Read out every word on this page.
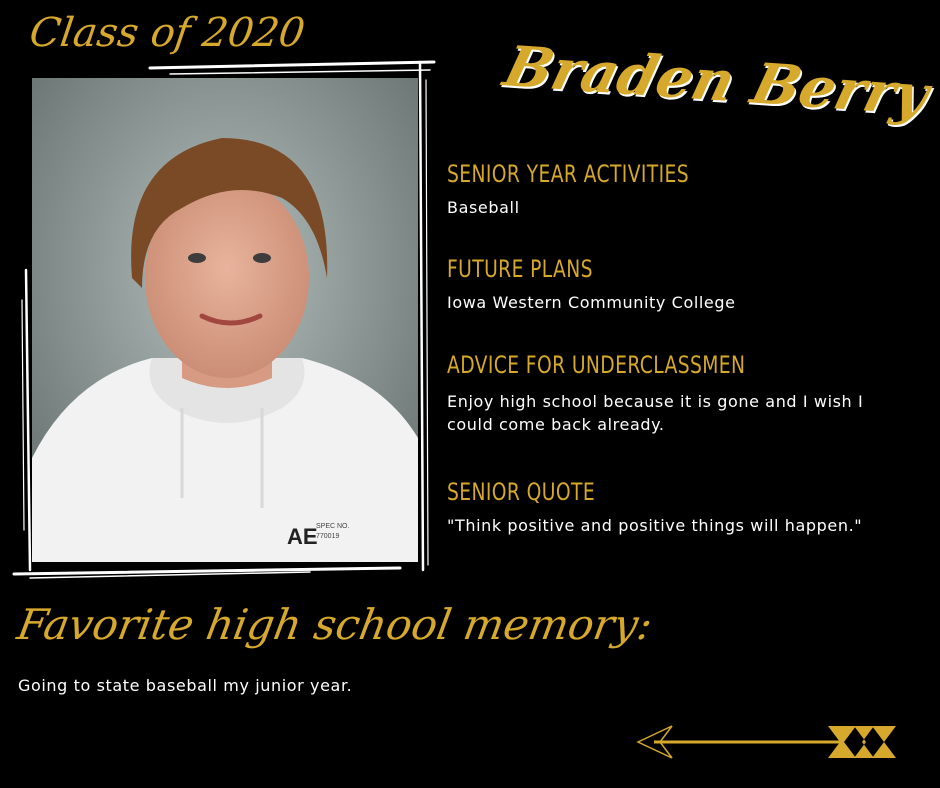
Class of 2020
Braden Berry
AE
SPEC NO.
770019
SENIOR YEAR ACTIVITIES
Baseball
FUTURE PLANS
Iowa Western Community College
ADVICE FOR UNDERCLASSMEN
Enjoy high school because it is gone and I wish I could come back already.
SENIOR QUOTE
"Think positive and positive things will happen."
Favorite high school memory:
Going to state baseball my junior year.
